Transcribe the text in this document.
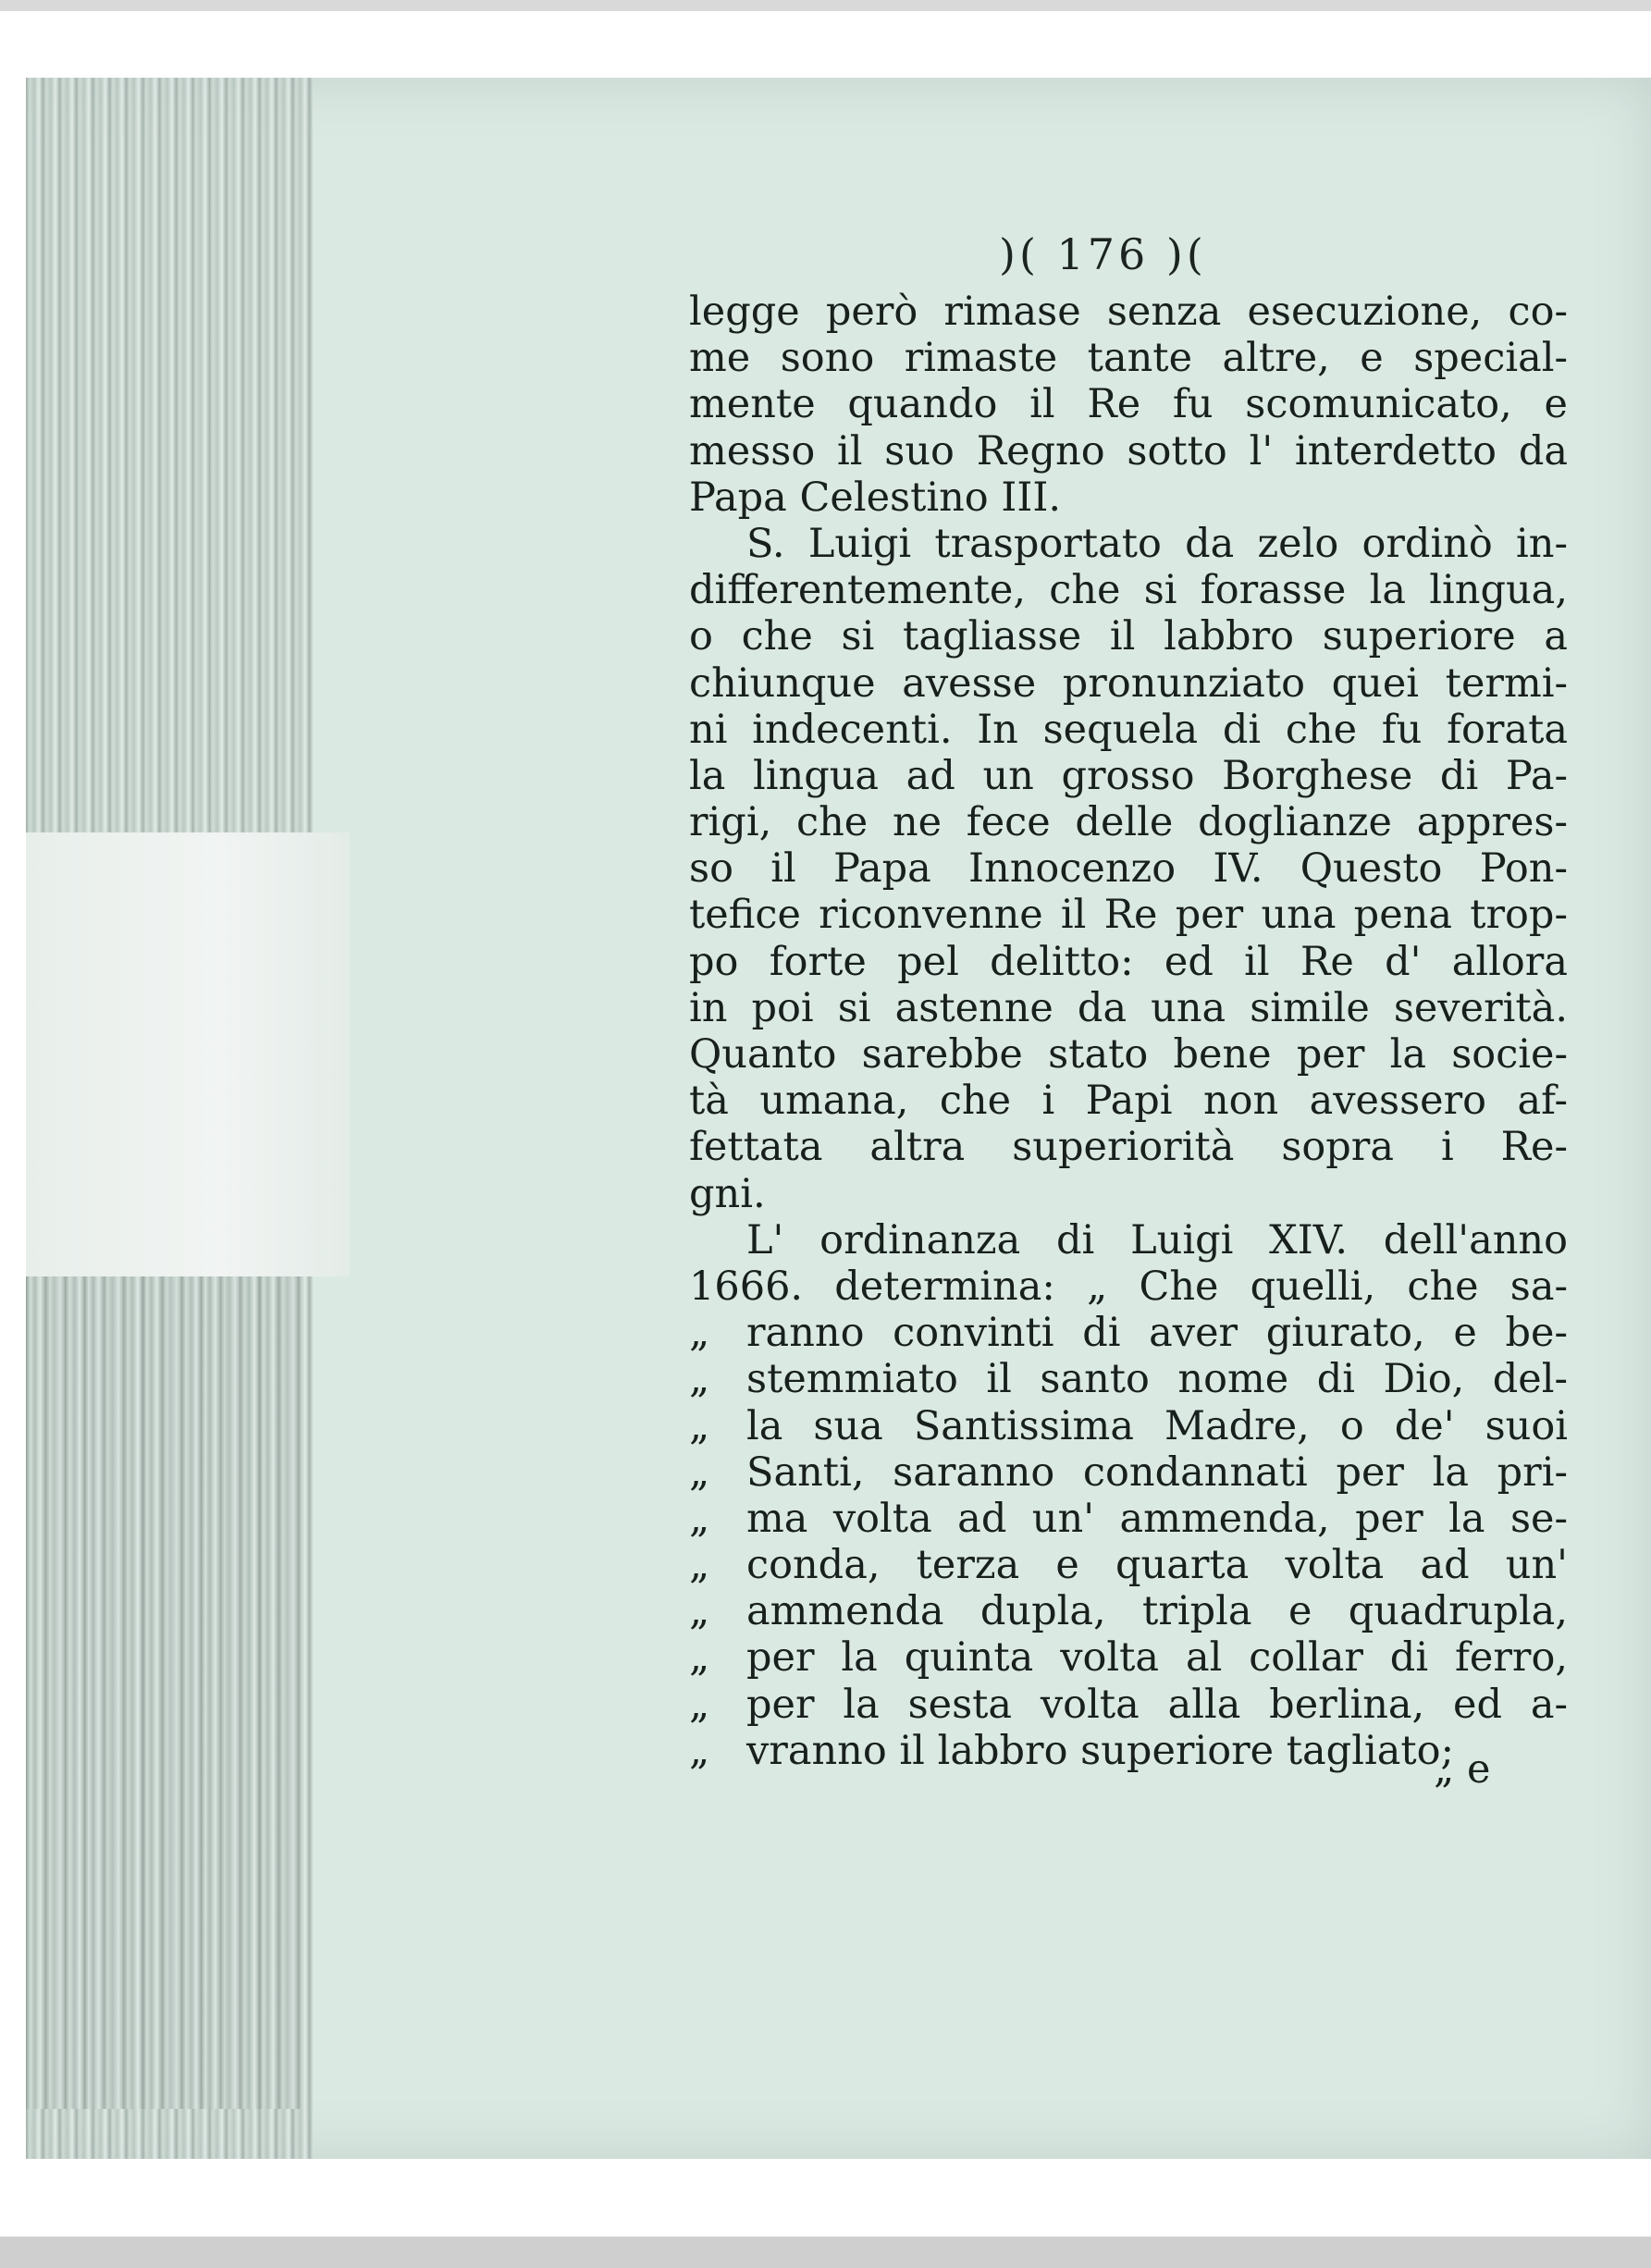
)( 176 )(
legge però rimase senza esecuzione, co-
me sono rimaste tante altre, e special-
mente quando il Re fu scomunicato, e
messo il suo Regno sotto l' interdetto da
Papa Celestino III.
S. Luigi trasportato da zelo ordinò in-
differentemente, che si forasse la lingua,
o che si tagliasse il labbro superiore a
chiunque avesse pronunziato quei termi-
ni indecenti. In sequela di che fu forata
la lingua ad un grosso Borghese di Pa-
rigi, che ne fece delle doglianze appres-
so il Papa Innocenzo IV. Questo Pon-
tefice riconvenne il Re per una pena trop-
po forte pel delitto: ed il Re d' allora
in poi si astenne da una simile severità.
Quanto sarebbe stato bene per la socie-
tà umana, che i Papi non avessero af-
fettata altra superiorità sopra i Re-
gni.
L' ordinanza di Luigi XIV. dell'anno
1666. determina: „ Che quelli, che sa-
„ ranno convinti di aver giurato, e be-
„ stemmiato il santo nome di Dio, del-
„ la sua Santissima Madre, o de' suoi
„ Santi, saranno condannati per la pri-
„ ma volta ad un' ammenda, per la se-
„ conda, terza e quarta volta ad un'
„ ammenda dupla, tripla e quadrupla,
„ per la quinta volta al collar di ferro,
„ per la sesta volta alla berlina, ed a-
„ vranno il labbro superiore tagliato;
„ e
